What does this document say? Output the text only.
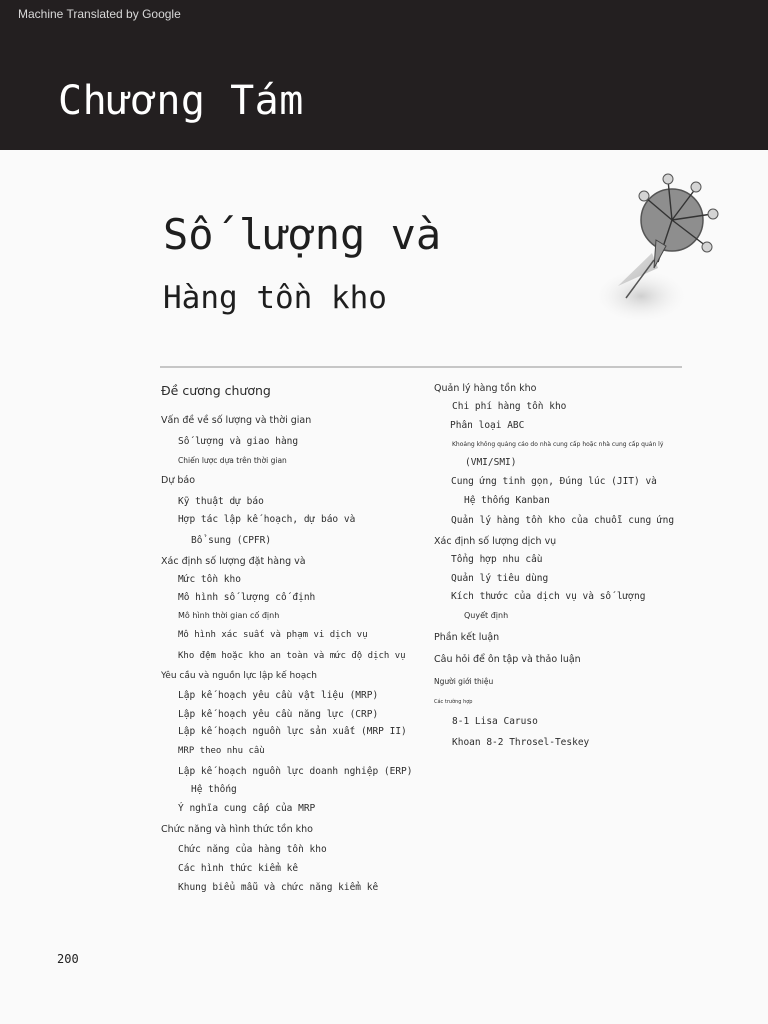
Machine Translated by Google
Chương Tám
Số lượng và
Hàng tồn kho
Đề cương chương
Vấn đề về số lượng và thời gian
Số lượng và giao hàng
Chiến lược dựa trên thời gian
Dự báo
Kỹ thuật dự báo
Hợp tác lập kế hoạch, dự báo và
Bổ sung (CPFR)
Xác định số lượng đặt hàng và
Mức tồn kho
Mô hình số lượng cố định
Mô hình thời gian cố định
Mô hình xác suất và phạm vi dịch vụ
Kho đệm hoặc kho an toàn và mức độ dịch vụ
Yêu cầu và nguồn lực lập kế hoạch
Lập kế hoạch yêu cầu vật liệu (MRP)
Lập kế hoạch yêu cầu năng lực (CRP)
Lập kế hoạch nguồn lực sản xuất (MRP II)
MRP theo nhu cầu
Lập kế hoạch nguồn lực doanh nghiệp (ERP)
Hệ thống
Ý nghĩa cung cấp của MRP
Chức năng và hình thức tồn kho
Chức năng của hàng tồn kho
Các hình thức kiểm kê
Khung biểu mẫu và chức năng kiểm kê
Quản lý hàng tồn kho
Chi phí hàng tồn kho
Phân loại ABC
Khoảng không quảng cáo do nhà cung cấp hoặc nhà cung cấp quản lý
(VMI/SMI)
Cung ứng tinh gọn, Đúng lúc (JIT) và
Hệ thống Kanban
Quản lý hàng tồn kho của chuỗi cung ứng
Xác định số lượng dịch vụ
Tổng hợp nhu cầu
Quản lý tiêu dùng
Kích thước của dịch vụ và số lượng
Quyết định
Phần kết luận
Câu hỏi để ôn tập và thảo luận
Người giới thiệu
Các trường hợp
8-1 Lisa Caruso
Khoan 8-2 Throsel-Teskey
200
